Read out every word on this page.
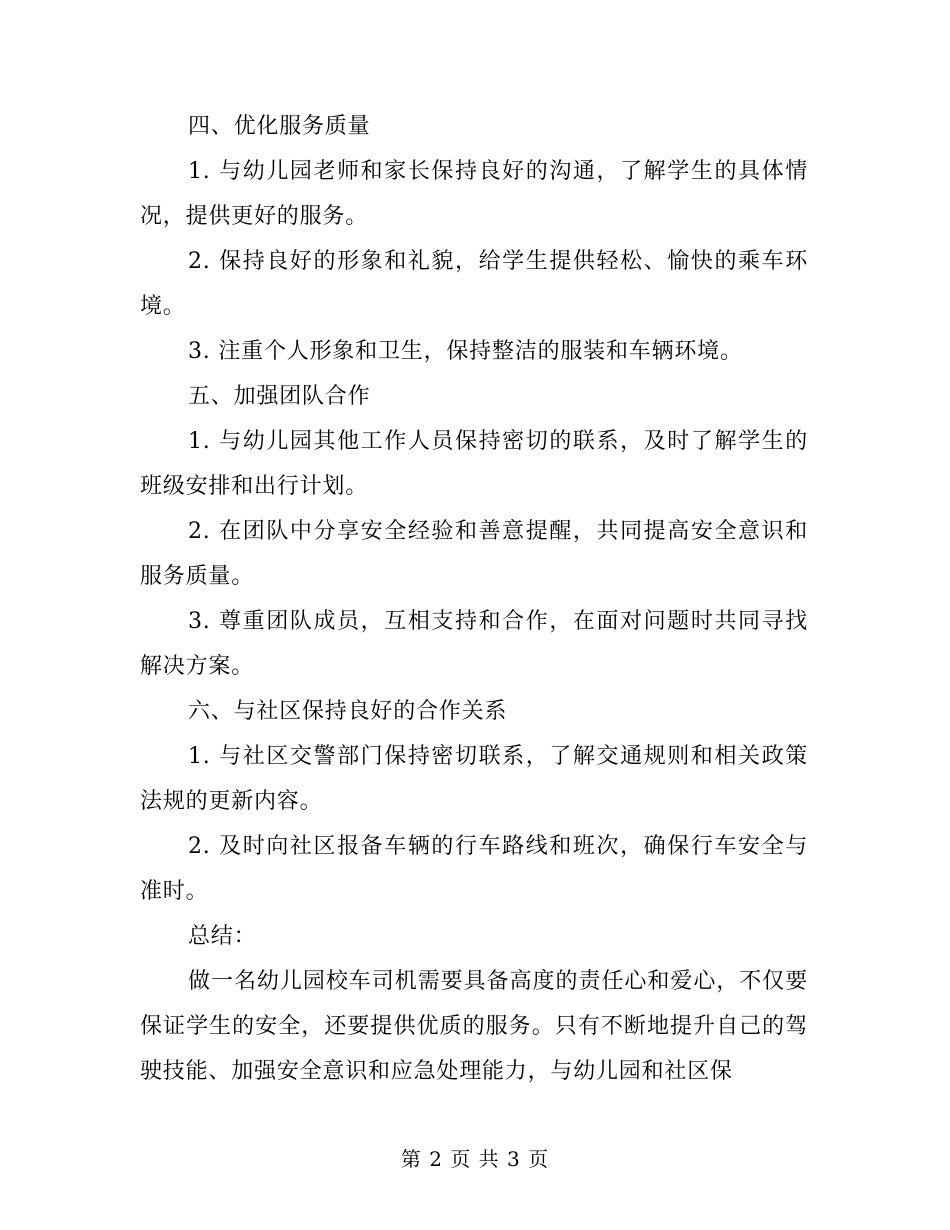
四、优化服务质量

1. 与幼儿园老师和家长保持良好的沟通，了解学生的具体情况，提供更好的服务。

2. 保持良好的形象和礼貌，给学生提供轻松、愉快的乘车环境。

3. 注重个人形象和卫生，保持整洁的服装和车辆环境。

五、加强团队合作

1. 与幼儿园其他工作人员保持密切的联系，及时了解学生的班级安排和出行计划。

2. 在团队中分享安全经验和善意提醒，共同提高安全意识和服务质量。

3. 尊重团队成员，互相支持和合作，在面对问题时共同寻找解决方案。

六、与社区保持良好的合作关系

1. 与社区交警部门保持密切联系，了解交通规则和相关政策法规的更新内容。

2. 及时向社区报备车辆的行车路线和班次，确保行车安全与准时。

总结：

做一名幼儿园校车司机需要具备高度的责任心和爱心，不仅要保证学生的安全，还要提供优质的服务。只有不断地提升自己的驾驶技能、加强安全意识和应急处理能力，与幼儿园和社区保

第 2 页 共 3 页
